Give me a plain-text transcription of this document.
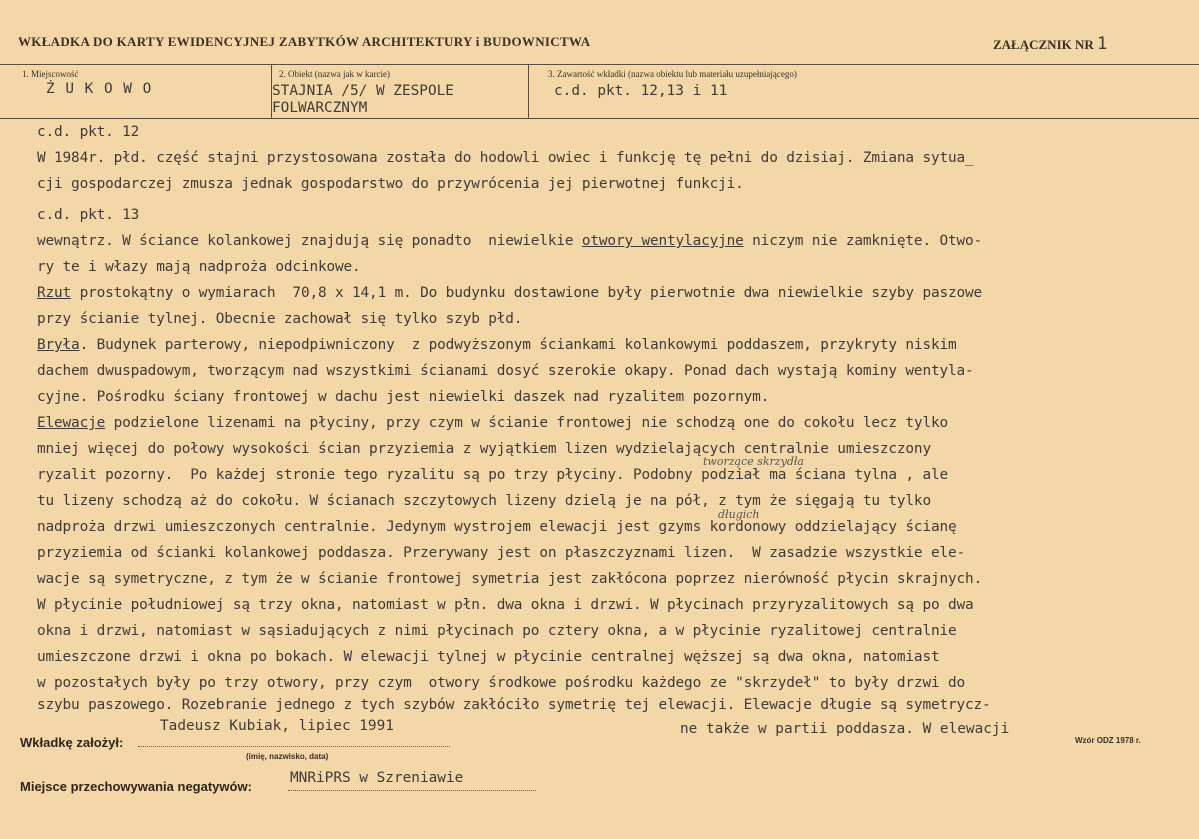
WKŁADKA DO KARTY EWIDENCYJNEJ ZABYTKÓW ARCHITEKTURY i BUDOWNICTWA	ZAŁĄCZNIK NR 1
1. Miejscowość
Ż U K O W O
2. Obiekt (nazwa jak w karcie)
STAJNIA /5/ W ZESPOLE
FOLWARCZNYM
3. Zawartość wkładki (nazwa obiektu lub materiału uzupełniającego)
c.d. pkt. 12,13 i 11
c.d. pkt. 12
W 1984r. płd. część stajni przystosowana została do hodowli owiec i funkcję tę pełni do dzisiaj. Zmiana sytua_
cji gospodarczej zmusza jednak gospodarstwo do przywrócenia jej pierwotnej funkcji.
c.d. pkt. 13
wewnątrz. W ściance kolankowej znajdują się ponadto  niewielkie otwory wentylacyjne niczym nie zamknięte. Otwo-
ry te i włazy mają nadproża odcinkowe.
Rzut prostokątny o wymiarach  70,8 x 14,1 m. Do budynku dostawione były pierwotnie dwa niewielkie szyby paszowe
przy ścianie tylnej. Obecnie zachował się tylko szyb płd.
Bryła. Budynek parterowy, niepodpiwniczony  z podwyższonym ściankami kolankowymi poddaszem, przykryty niskim
dachem dwuspadowym, tworzącym nad wszystkimi ścianami dosyć szerokie okapy. Ponad dach wystają kominy wentyla-
cyjne. Pośrodku ściany frontowej w dachu jest niewielki daszek nad ryzalitem pozornym.
Elewacje podzielone lizenami na płyciny, przy czym w ścianie frontowej nie schodzą one do cokołu lecz tylko
mniej więcej do połowy wysokości ścian przyziemia z wyjątkiem lizen wydzielających centralnie umieszczony
ryzalit pozorny.  Po każdej stronie tego ryzalitu są po trzy płyciny. Podobny podział ma ściana tylna , ale
tu lizeny schodzą aż do cokołu. W ścianach szczytowych lizeny dzielą je na pół, z tym że sięgają tu tylko
nadproża drzwi umieszczonych centralnie. Jedynym wystrojem elewacji jest gzyms kordonowy oddzielający ścianę
przyziemia od ścianki kolankowej poddasza. Przerywany jest on płaszczyznami lizen.  W zasadzie wszystkie ele-
wacje są symetryczne, z tym że w ścianie frontowej symetria jest zakłócona poprzez nierówność płycin skrajnych.
W płycinie południowej są trzy okna, natomiast w płn. dwa okna i drzwi. W płycinach przyryzalitowych są po dwa
okna i drzwi, natomiast w sąsiadujących z nimi płycinach po cztery okna, a w płycinie ryzalitowej centralnie
umieszczone drzwi i okna po bokach. W elewacji tylnej w płycinie centralnej węższej są dwa okna, natomiast
w pozostałych były po trzy otwory, przy czym  otwory środkowe pośrodku każdego ze "skrzydeł" to były drzwi do
szybu paszowego. Rozebranie jednego z tych szybów zakłóciło symetrię tej elewacji. Elewacje długie są symetrycz-
tworzące skrzydła
długich
Wkładkę założył:
Tadeusz Kubiak, lipiec 1991
(imię, nazwisko, data)
ne także w partii poddasza. W elewacji
Wzór ODZ 1978 r.
Miejsce przechowywania negatywów:
MNRiPRS w Szreniawie
